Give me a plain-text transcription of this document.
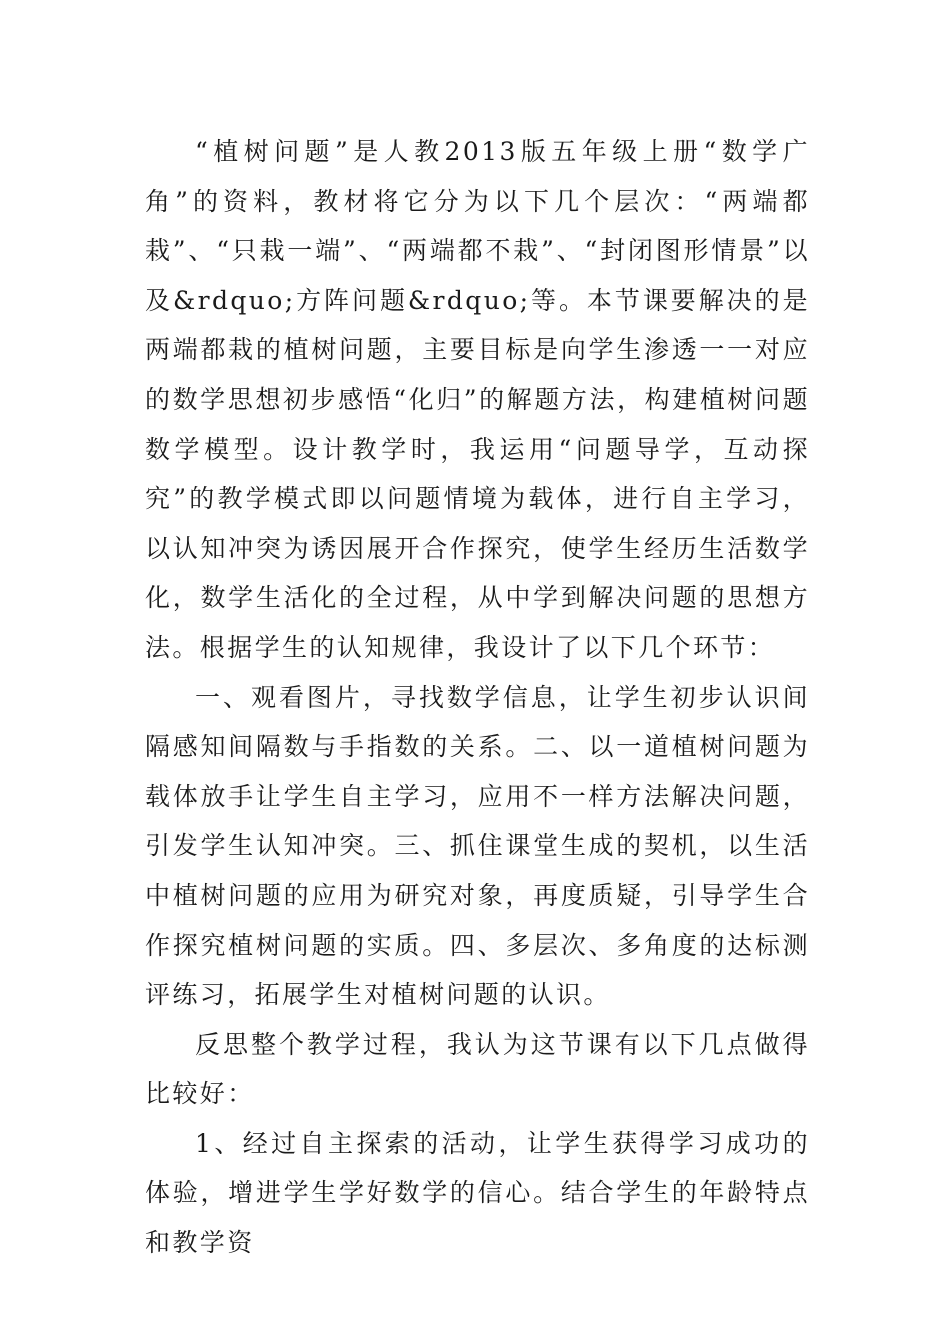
“植树问题”是人教2013版五年级上册“数学广角”的资料，教材将它分为以下几个层次：“两端都栽”、“只栽一端”、“两端都不栽”、“封闭图形情景”以及&rdquo;方阵问题&rdquo;等。本节课要解决的是两端都栽的植树问题，主要目标是向学生渗透一一对应的数学思想初步感悟“化归”的解题方法，构建植树问题数学模型。设计教学时，我运用“问题导学，互动探究”的教学模式即以问题情境为载体，进行自主学习，以认知冲突为诱因展开合作探究，使学生经历生活数学化，数学生活化的全过程，从中学到解决问题的思想方法。根据学生的认知规律，我设计了以下几个环节：

一、观看图片，寻找数学信息，让学生初步认识间隔感知间隔数与手指数的关系。二、以一道植树问题为载体放手让学生自主学习，应用不一样方法解决问题，引发学生认知冲突。三、抓住课堂生成的契机，以生活中植树问题的应用为研究对象，再度质疑，引导学生合作探究植树问题的实质。四、多层次、多角度的达标测评练习，拓展学生对植树问题的认识。

反思整个教学过程，我认为这节课有以下几点做得比较好：

1、经过自主探索的活动，让学生获得学习成功的体验，增进学生学好数学的信心。结合学生的年龄特点和教学资
